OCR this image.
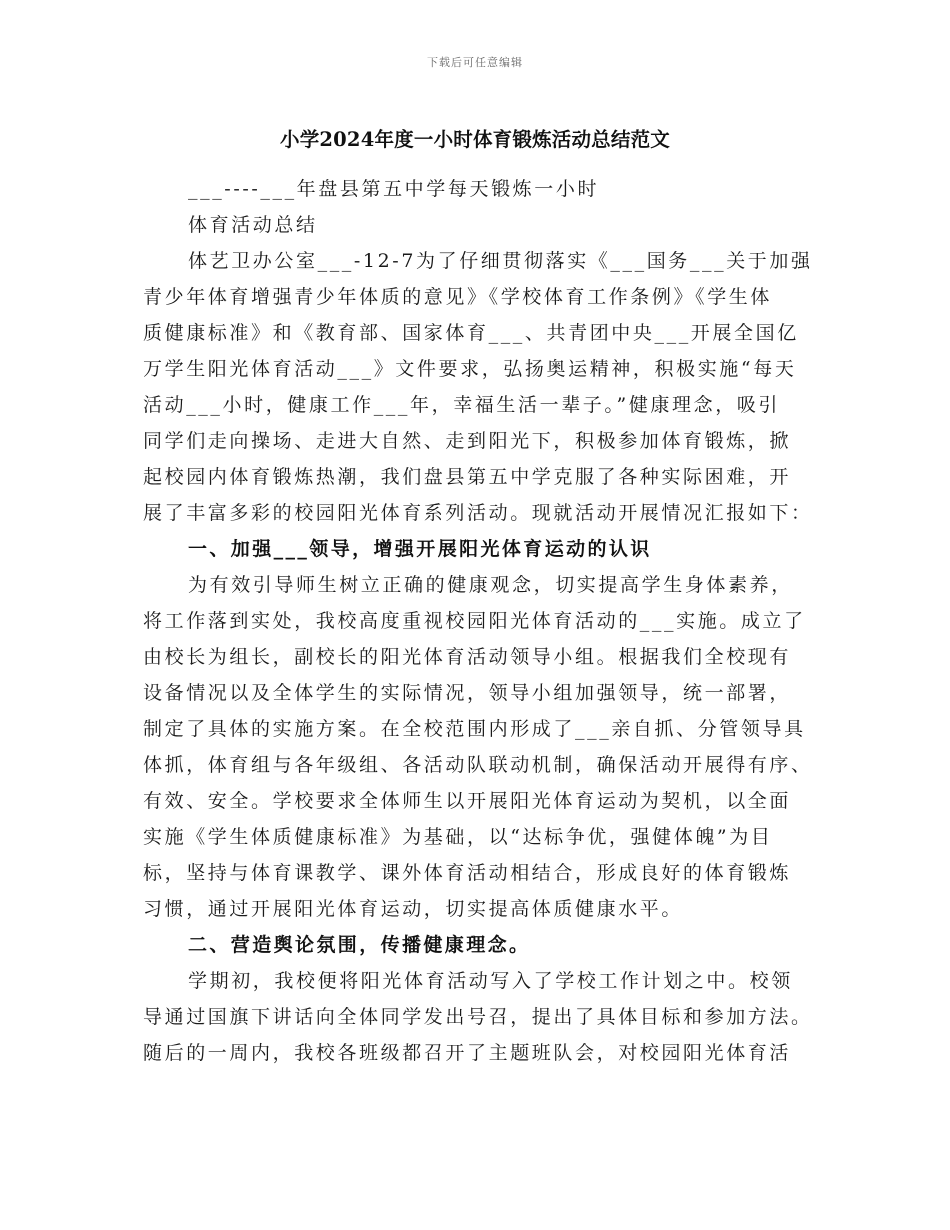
下载后可任意编辑
小学2024年度一小时体育锻炼活动总结范文
___----___年盘县第五中学每天锻炼一小时
体育活动总结
体艺卫办公室___-12-7为了仔细贯彻落实《___国务___关于加强
青少年体育增强青少年体质的意见》《学校体育工作条例》《学生体
质健康标准》和《教育部、国家体育___、共青团中央___开展全国亿
万学生阳光体育活动___》文件要求，弘扬奥运精神，积极实施“每天
活动___小时，健康工作___年，幸福生活一辈子。”健康理念，吸引
同学们走向操场、走进大自然、走到阳光下，积极参加体育锻炼，掀
起校园内体育锻炼热潮，我们盘县第五中学克服了各种实际困难，开
展了丰富多彩的校园阳光体育系列活动。现就活动开展情况汇报如下：
一、加强___领导，增强开展阳光体育运动的认识
为有效引导师生树立正确的健康观念，切实提高学生身体素养，
将工作落到实处，我校高度重视校园阳光体育活动的___实施。成立了
由校长为组长，副校长的阳光体育活动领导小组。根据我们全校现有
设备情况以及全体学生的实际情况，领导小组加强领导，统一部署，
制定了具体的实施方案。在全校范围内形成了___亲自抓、分管领导具
体抓，体育组与各年级组、各活动队联动机制，确保活动开展得有序、
有效、安全。学校要求全体师生以开展阳光体育运动为契机，以全面
实施《学生体质健康标准》为基础，以“达标争优，强健体魄”为目
标，坚持与体育课教学、课外体育活动相结合，形成良好的体育锻炼
习惯，通过开展阳光体育运动，切实提高体质健康水平。
二、营造舆论氛围，传播健康理念。
学期初，我校便将阳光体育活动写入了学校工作计划之中。校领
导通过国旗下讲话向全体同学发出号召，提出了具体目标和参加方法。
随后的一周内，我校各班级都召开了主题班队会，对校园阳光体育活
